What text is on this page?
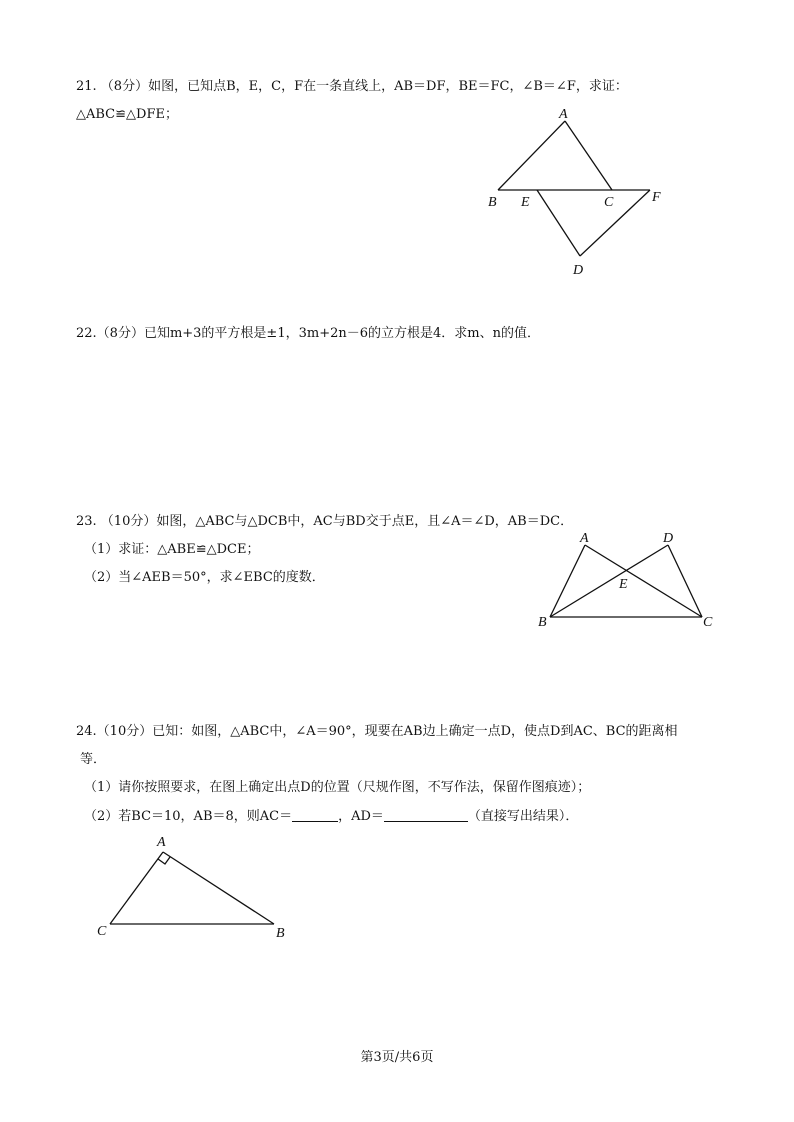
21. （8分）如图，已知点B，E，C，F在一条直线上，AB＝DF，BE＝FC，∠B＝∠F，求证：
△ABC≌△DFE；	A
B E	C	F
D
22.（8分）已知m+3的平方根是±1，3m+2n－6的立方根是4．求m、n的值．
23. （10分）如图，△ABC与△DCB中，AC与BD交于点E，且∠A＝∠D，AB＝DC．
（1）求证：△ABE≌△DCE；
（2）当∠AEB＝50°，求∠EBC的度数．
A	D
E
B	C
24.（10分）已知：如图，△ABC中，∠A＝90°，现要在AB边上确定一点D，使点D到AC、BC的距离相
等．
（1）请你按照要求，在图上确定出点D的位置（尺规作图，不写作法，保留作图痕迹）；
（2）若BC＝10，AB＝8，则AC＝	，AD＝	（直接写出结果）．
A
C	B
第3页/共6页
